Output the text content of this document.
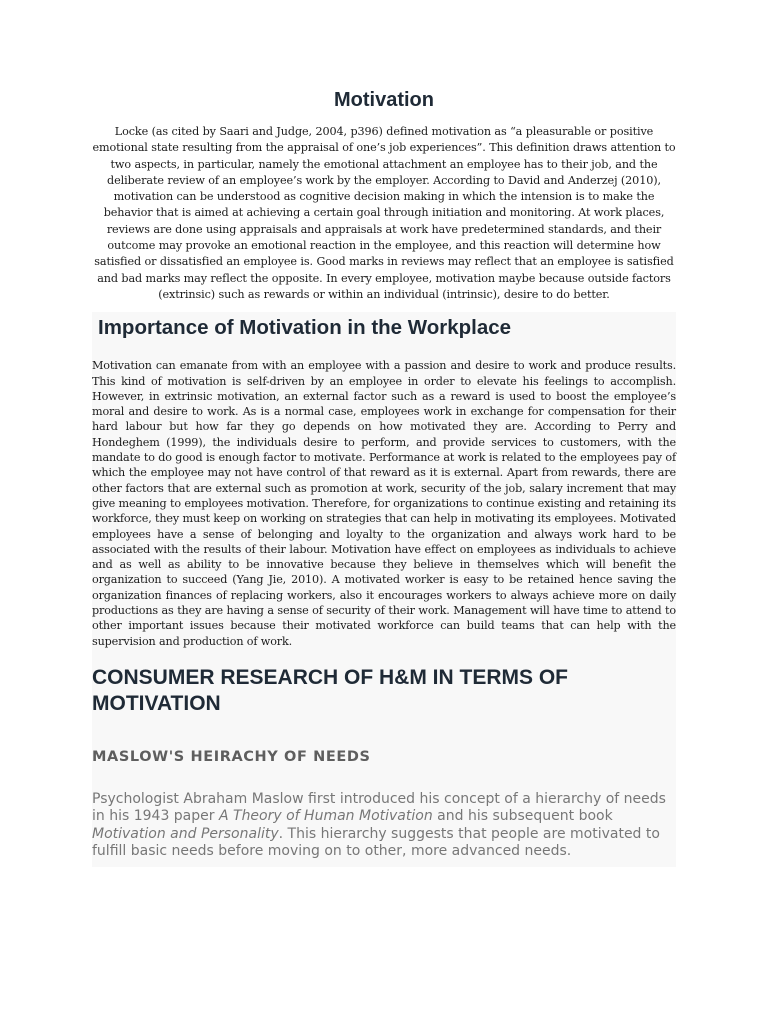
Motivation

Locke (as cited by Saari and Judge, 2004, p396) defined motivation as “a pleasurable or positive emotional state resulting from the appraisal of one’s job experiences”. This definition draws attention to two aspects, in particular, namely the emotional attachment an employee has to their job, and the deliberate review of an employee’s work by the employer. According to David and Anderzej (2010), motivation can be understood as cognitive decision making in which the intension is to make the behavior that is aimed at achieving a certain goal through initiation and monitoring. At work places, reviews are done using appraisals and appraisals at work have predetermined standards, and their outcome may provoke an emotional reaction in the employee, and this reaction will determine how satisfied or dissatisfied an employee is. Good marks in reviews may reflect that an employee is satisfied and bad marks may reflect the opposite. In every employee, motivation maybe because outside factors (extrinsic) such as rewards or within an individual (intrinsic), desire to do better.

Importance of Motivation in the Workplace

Motivation can emanate from with an employee with a passion and desire to work and produce results. This kind of motivation is self-driven by an employee in order to elevate his feelings to accomplish. However, in extrinsic motivation, an external factor such as a reward is used to boost the employee’s moral and desire to work. As is a normal case, employees work in exchange for compensation for their hard labour but how far they go depends on how motivated they are. According to Perry and Hondeghem (1999), the individuals desire to perform, and provide services to customers, with the mandate to do good is enough factor to motivate. Performance at work is related to the employees pay of which the employee may not have control of that reward as it is external. Apart from rewards, there are other factors that are external such as promotion at work, security of the job, salary increment that may give meaning to employees motivation. Therefore, for organizations to continue existing and retaining its workforce, they must keep on working on strategies that can help in motivating its employees. Motivated employees have a sense of belonging and loyalty to the organization and always work hard to be associated with the results of their labour. Motivation have effect on employees as individuals to achieve and as well as ability to be innovative because they believe in themselves which will benefit the organization to succeed (Yang Jie, 2010). A motivated worker is easy to be retained hence saving the organization finances of replacing workers, also it encourages workers to always achieve more on daily productions as they are having a sense of security of their work. Management will have time to attend to other important issues because their motivated workforce can build teams that can help with the supervision and production of work.

CONSUMER RESEARCH OF H&M IN TERMS OF MOTIVATION
MASLOW'S HEIRACHY OF NEEDS

Psychologist Abraham Maslow first introduced his concept of a hierarchy of needs in his 1943 paper A Theory of Human Motivation and his subsequent book Motivation and Personality. This hierarchy suggests that people are motivated to fulfill basic needs before moving on to other, more advanced needs.
